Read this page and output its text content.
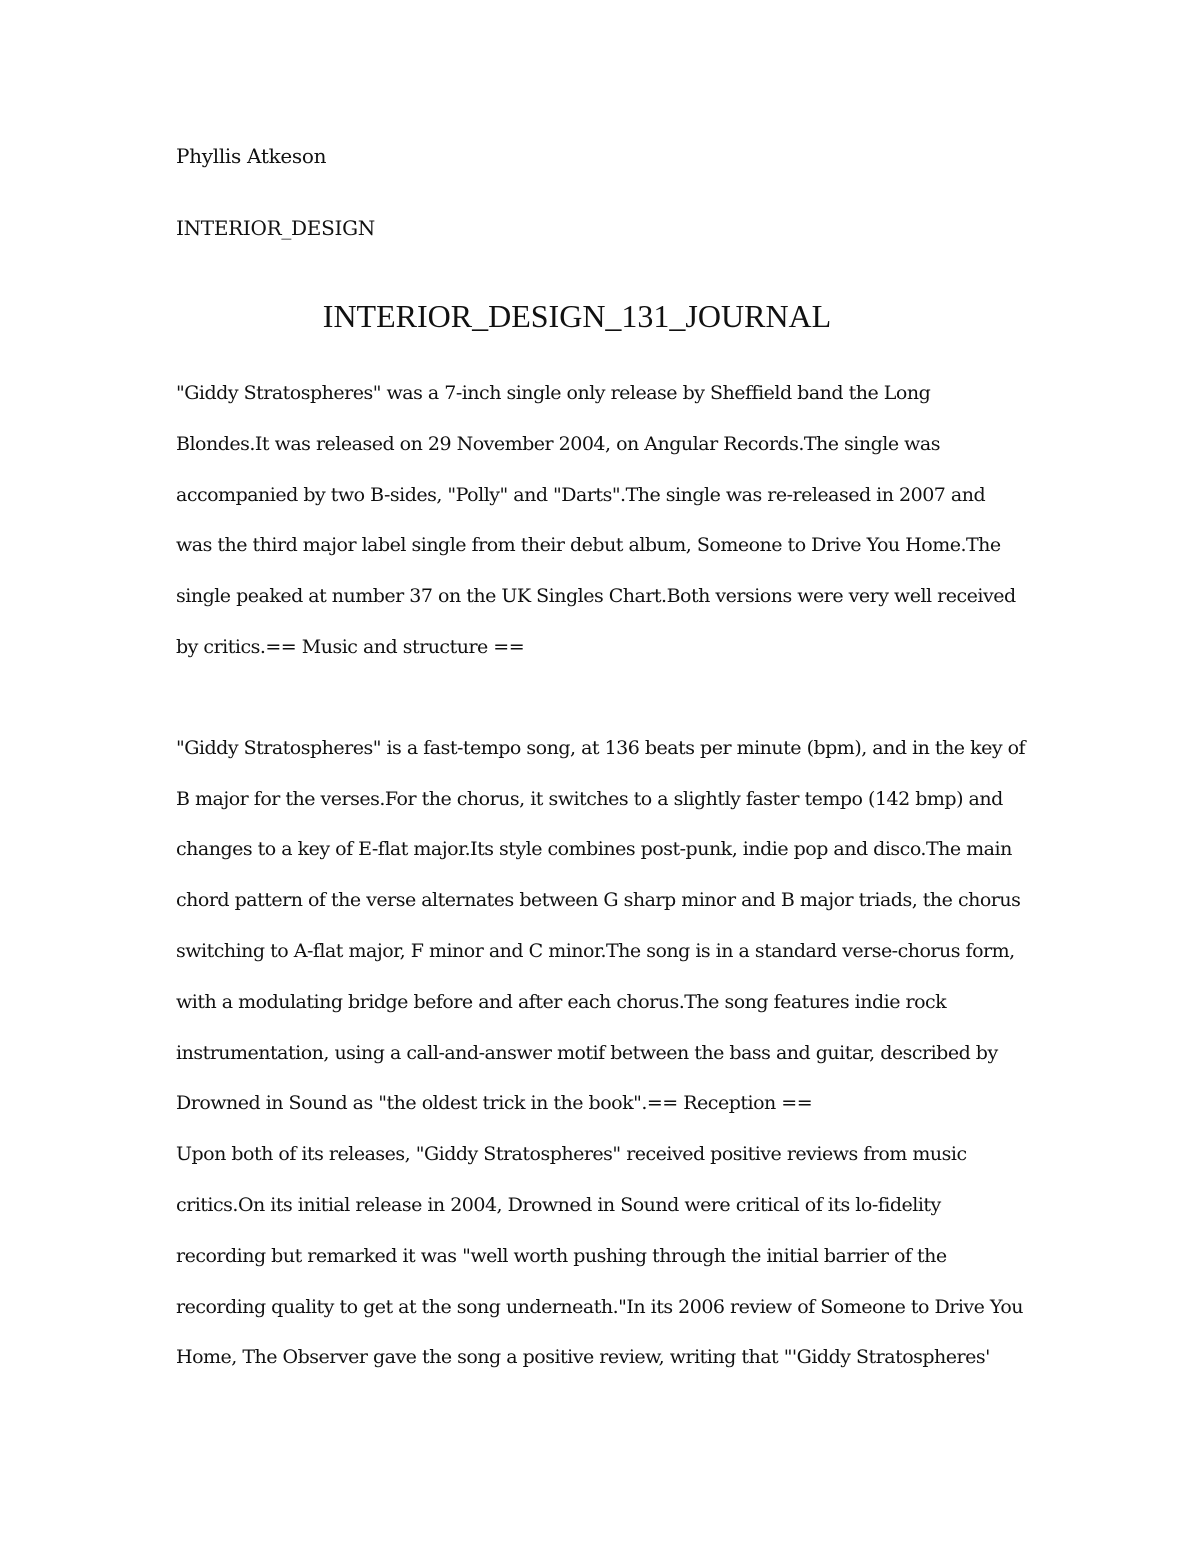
Phyllis Atkeson

INTERIOR_DESIGN

INTERIOR_DESIGN_131_JOURNAL

"Giddy Stratospheres" was a 7-inch single only release by Sheffield band the Long Blondes.It was released on 29 November 2004, on Angular Records.The single was accompanied by two B-sides, "Polly" and "Darts".The single was re-released in 2007 and was the third major label single from their debut album, Someone to Drive You Home.The single peaked at number 37 on the UK Singles Chart.Both versions were very well received by critics.== Music and structure ==

"Giddy Stratospheres" is a fast-tempo song, at 136 beats per minute (bpm), and in the key of B major for the verses.For the chorus, it switches to a slightly faster tempo (142 bmp) and changes to a key of E-flat major.Its style combines post-punk, indie pop and disco.The main chord pattern of the verse alternates between G sharp minor and B major triads, the chorus switching to A-flat major, F minor and C minor.The song is in a standard verse-chorus form, with a modulating bridge before and after each chorus.The song features indie rock instrumentation, using a call-and-answer motif between the bass and guitar, described by Drowned in Sound as "the oldest trick in the book".== Reception ==

Upon both of its releases, "Giddy Stratospheres" received positive reviews from music critics.On its initial release in 2004, Drowned in Sound were critical of its lo-fidelity recording but remarked it was "well worth pushing through the initial barrier of the recording quality to get at the song underneath."In its 2006 review of Someone to Drive You Home, The Observer gave the song a positive review, writing that "'Giddy Stratospheres'
